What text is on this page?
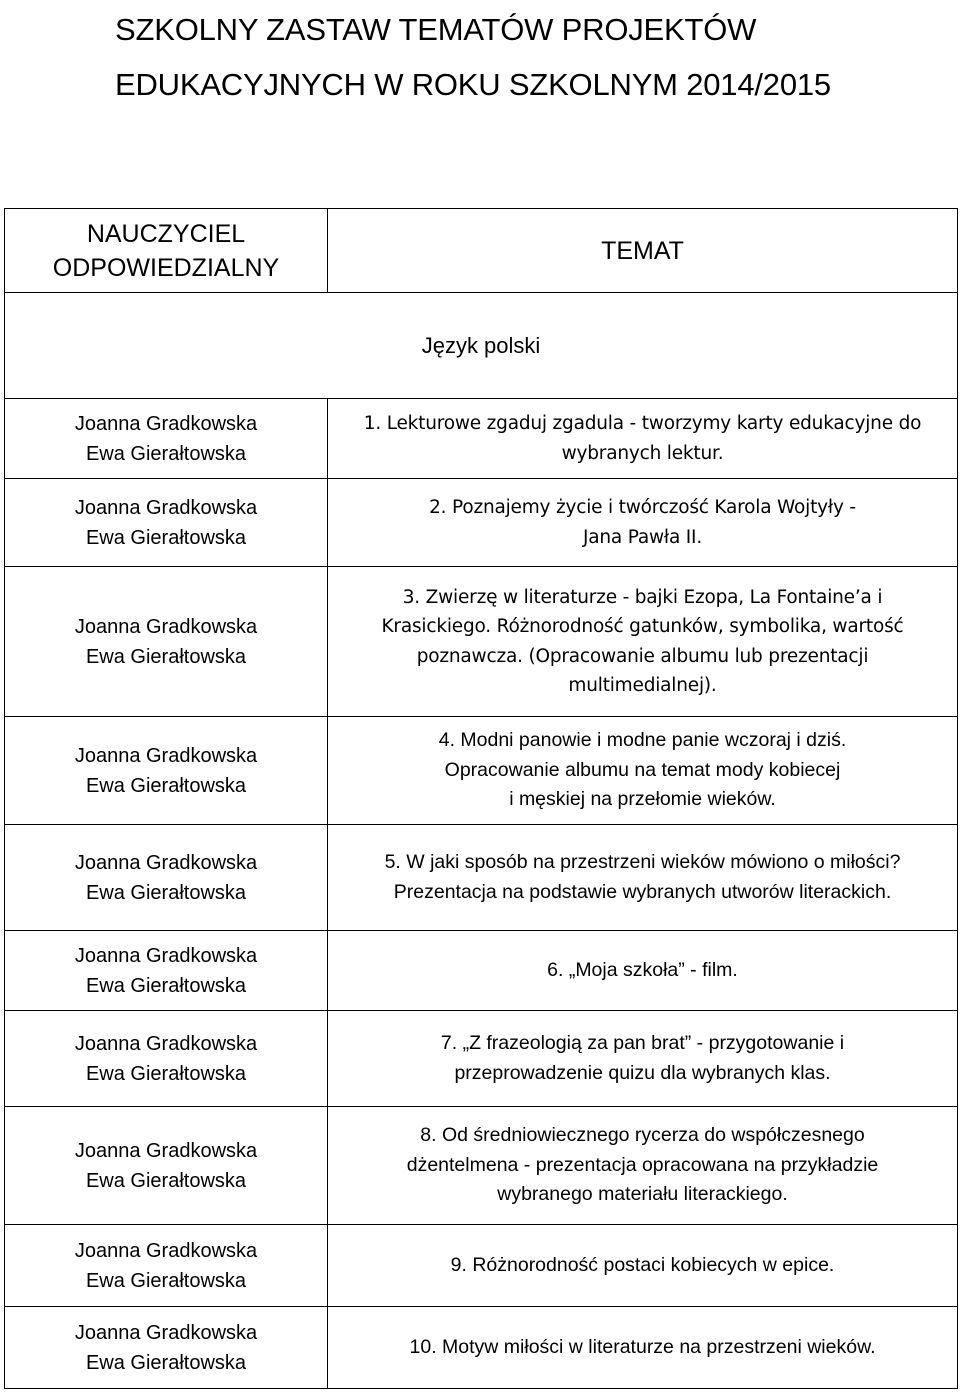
SZKOLNY ZASTAW TEMATÓW PROJEKTÓW
EDUKACYJNYCH W ROKU SZKOLNYM 2014/2015
NAUCZYCIEL
ODPOWIEDZIALNY	TEMAT
Język polski	

Joanna Gradkowska
Ewa Gierałtowska	1. Lekturowe zgaduj zgadula - tworzymy karty edukacyjne do
wybranych lektur.

Joanna Gradkowska
Ewa Gierałtowska	2. Poznajemy życie i twórczość Karola Wojtyły -
Jana Pawła II.

Joanna Gradkowska
Ewa Gierałtowska	3. Zwierzę w literaturze - bajki Ezopa, La Fontaine’a i
Krasickiego. Różnorodność gatunków, symbolika, wartość
poznawcza. (Opracowanie albumu lub prezentacji
multimedialnej).

Joanna Gradkowska
Ewa Gierałtowska	4. Modni panowie i modne panie wczoraj i dziś.
Opracowanie albumu na temat mody kobiecej
i męskiej na przełomie wieków.

Joanna Gradkowska
Ewa Gierałtowska	5. W jaki sposób na przestrzeni wieków mówiono o miłości?
Prezentacja na podstawie wybranych utworów literackich.

Joanna Gradkowska
Ewa Gierałtowska	6. „Moja szkoła” - film.

Joanna Gradkowska
Ewa Gierałtowska	7. „Z frazeologią za pan brat” - przygotowanie i
przeprowadzenie quizu dla wybranych klas.

Joanna Gradkowska
Ewa Gierałtowska	8. Od średniowiecznego rycerza do współczesnego
dżentelmena - prezentacja opracowana na przykładzie
wybranego materiału literackiego.

Joanna Gradkowska
Ewa Gierałtowska	9. Różnorodność postaci kobiecych w epice.

Joanna Gradkowska
Ewa Gierałtowska	10. Motyw miłości w literaturze na przestrzeni wieków.
